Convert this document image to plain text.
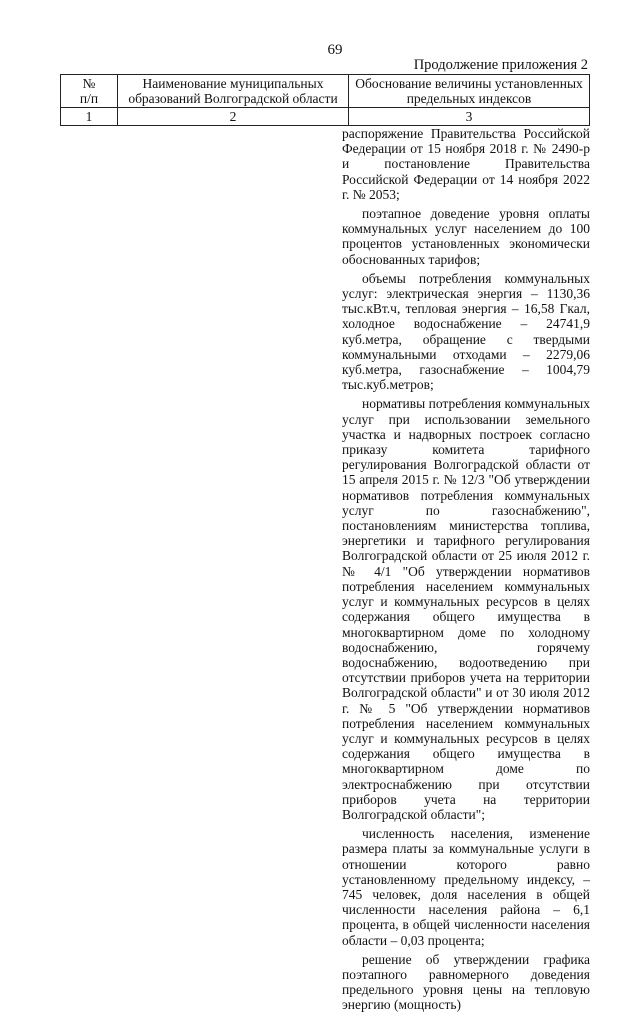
69
Продолжение приложения 2
№
п/п	Наименование муниципальных образований Волгоградской области	Обоснование величины установленных предельных индексов
1	2	3

распоряжение Правительства Российской Федерации от 15 ноября 2018 г. № 2490-р и постановление Правительства Российской Федерации от 14 ноября 2022 г. № 2053;

поэтапное доведение уровня оплаты коммунальных услуг населением до 100 процентов установленных экономически обоснованных тарифов;

объемы потребления коммунальных услуг: электрическая энергия – 1130,36 тыс.кВт.ч, тепловая энергия – 16,58 Гкал, холодное водоснабжение – 24741,9 куб.метра, обращение с твердыми коммунальными отходами – 2279,06 куб.метра, газоснабжение – 1004,79 тыс.куб.метров;

нормативы потребления коммунальных услуг при использовании земельного участка и надворных построек согласно приказу комитета тарифного регулирования Волгоградской области от 15 апреля 2015 г. № 12/3 "Об утверждении нормативов потребления коммунальных услуг по газоснабжению", постановлениям министерства топлива, энергетики и тарифного регулирования Волгоградской области от 25 июля 2012 г. № 4/1 "Об утверждении нормативов потребления населением коммунальных услуг и коммунальных ресурсов в целях содержания общего имущества в многоквартирном доме по холодному водоснабжению, горячему водоснабжению, водоотведению при отсутствии приборов учета на территории Волгоградской области" и от 30 июля 2012 г. № 5 "Об утверждении нормативов потребления населением коммунальных услуг и коммунальных ресурсов в целях содержания общего имущества в многоквартирном доме по электроснабжению при отсутствии приборов учета на территории Волгоградской области";

численность населения, изменение размера платы за коммунальные услуги в отношении которого равно установленному предельному индексу, – 745 человек, доля населения в общей численности населения района – 6,1 процента, в общей численности населения области – 0,03 процента;

решение об утверждении графика поэтапного равномерного доведения предельного уровня цены на тепловую энергию (мощность)
